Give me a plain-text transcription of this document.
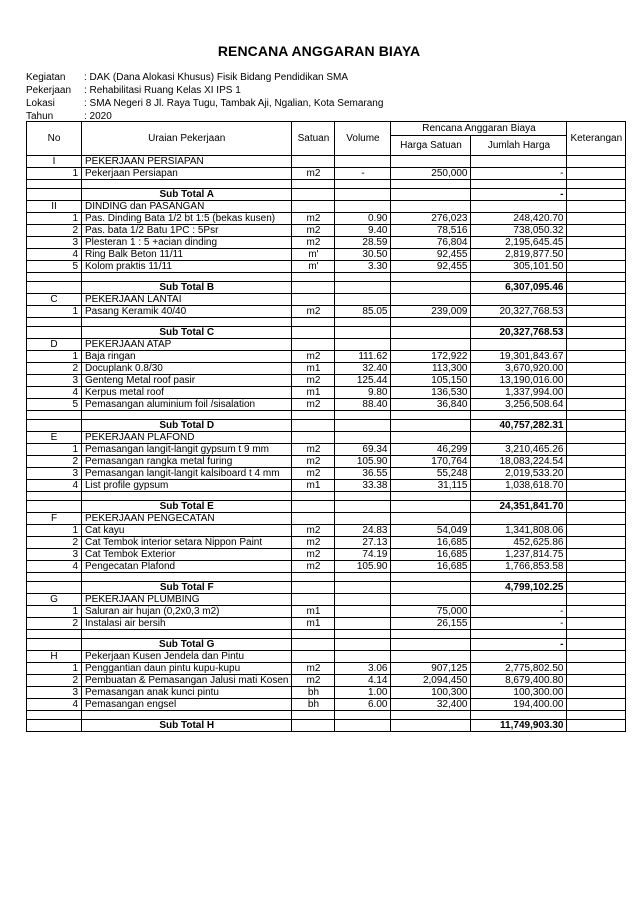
RENCANA ANGGARAN BIAYA
Kegiatan	: DAK (Dana Alokasi Khusus) Fisik Bidang Pendidikan SMA
Pekerjaan	: Rehabilitasi Ruang Kelas XI IPS 1
Lokasi	: SMA Negeri 8 Jl. Raya Tugu, Tambak Aji, Ngalian, Kota Semarang
Tahun	: 2020
No	Uraian Pekerjaan	Satuan	Volume	Rencana Anggaran Biaya		Keterangan
				Harga Satuan	Jumlah Harga	
I	PEKERJAAN PERSIAPAN					
1	Pekerjaan Persiapan	m2	-	250,000	-	

	Sub Total A				-	
II	DINDING dan PASANGAN					
1	Pas. Dinding Bata 1/2 bt 1:5 (bekas kusen)	m2	0.90	276,023	248,420.70	
2	Pas. bata 1/2 Batu 1PC : 5Psr	m2	9.40	78,516	738,050.32	
3	Plesteran 1 : 5 +acian dinding	m2	28.59	76,804	2,195,645.45	
4	Ring Balk Beton 11/11	m'	30.50	92,455	2,819,877.50	
5	Kolom praktis 11/11	m'	3.30	92,455	305,101.50	

	Sub Total B				6,307,095.46	
C	PEKERJAAN LANTAI					
1	Pasang Keramik 40/40	m2	85.05	239,009	20,327,768.53	

	Sub Total C				20,327,768.53	
D	PEKERJAAN ATAP					
1	Baja ringan	m2	111.62	172,922	19,301,843.67	
2	Docuplank 0.8/30	m1	32.40	113,300	3,670,920.00	
3	Genteng Metal roof pasir	m2	125.44	105,150	13,190,016.00	
4	Kerpus metal roof	m1	9.80	136,530	1,337,994.00	
5	Pemasangan aluminium foil /sisalation	m2	88.40	36,840	3,256,508.64	

	Sub Total D				40,757,282.31	
E	PEKERJAAN PLAFOND					
1	Pemasangan langit-langit gypsum t 9 mm	m2	69.34	46,299	3,210,465.26	
2	Pemasangan rangka metal furing	m2	105.90	170,764	18,083,224.54	
3	Pemasangan langit-langit kalsiboard t 4 mm	m2	36.55	55,248	2,019,533.20	
4	List profile gypsum	m1	33.38	31,115	1,038,618.70	

	Sub Total E				24,351,841.70	
F	PEKERJAAN PENGECATAN					
1	Cat kayu	m2	24.83	54,049	1,341,808.06	
2	Cat Tembok interior setara Nippon Paint	m2	27.13	16,685	452,625.86	
3	Cat Tembok Exterior	m2	74.19	16,685	1,237,814.75	
4	Pengecatan Plafond	m2	105.90	16,685	1,766,853.58	

	Sub Total F				4,799,102.25	
G	PEKERJAAN PLUMBING					
1	Saluran air hujan (0,2x0,3 m2)	m1		75,000	-	
2	Instalasi air bersih	m1		26,155	-	

	Sub Total G				-	
H	Pekerjaan Kusen Jendela dan Pintu					
1	Penggantian daun pintu kupu-kupu	m2	3.06	907,125	2,775,802.50	
2	Pembuatan & Pemasangan Jalusi mati Kosen	m2	4.14	2,094,450	8,679,400.80	
3	Pemasangan anak kunci pintu	bh	1.00	100,300	100,300.00	
4	Pemasangan engsel	bh	6.00	32,400	194,400.00	

	Sub Total H				11,749,903.30	
